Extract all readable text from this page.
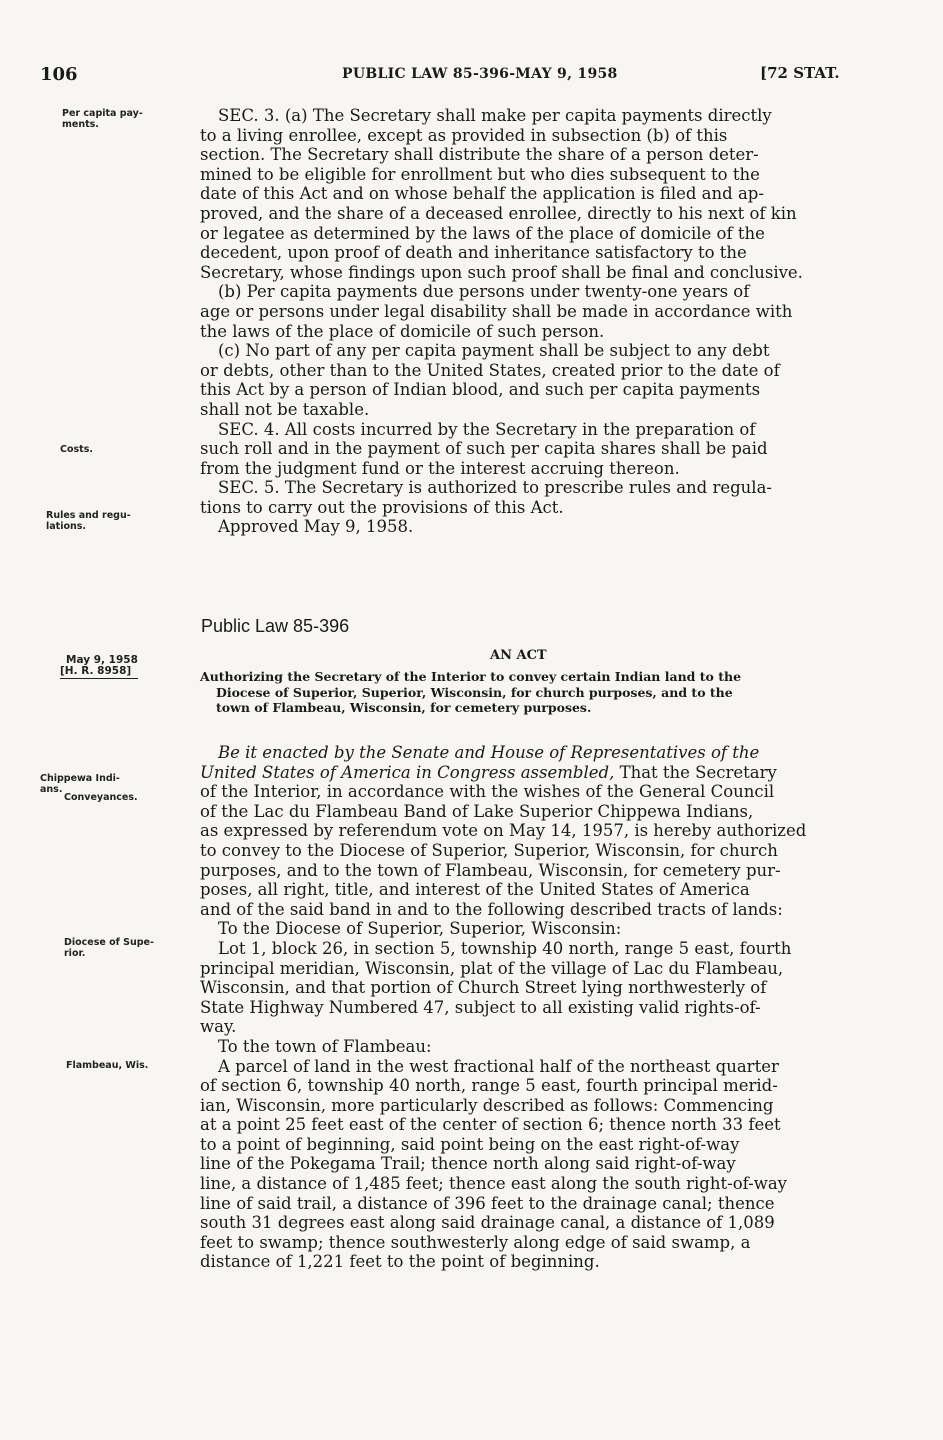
106	PUBLIC LAW 85-396-MAY 9, 1958	[72 STAT.
Per capita pay-
ments.
Costs.
Rules and regu-
lations.
May 9, 1958
[H. R. 8958]
Chippewa Indi-
ans.
Conveyances.
Diocese of Supe-
rior.
Flambeau, Wis.
SEC. 3. (a) The Secretary shall make per capita payments directly
to a living enrollee, except as provided in subsection (b) of this
section. The Secretary shall distribute the share of a person deter-
mined to be eligible for enrollment but who dies subsequent to the
date of this Act and on whose behalf the application is filed and ap-
proved, and the share of a deceased enrollee, directly to his next of kin
or legatee as determined by the laws of the place of domicile of the
decedent, upon proof of death and inheritance satisfactory to the
Secretary, whose findings upon such proof shall be final and conclusive.
(b) Per capita payments due persons under twenty-one years of
age or persons under legal disability shall be made in accordance with
the laws of the place of domicile of such person.
(c) No part of any per capita payment shall be subject to any debt
or debts, other than to the United States, created prior to the date of
this Act by a person of Indian blood, and such per capita payments
shall not be taxable.
SEC. 4. All costs incurred by the Secretary in the preparation of
such roll and in the payment of such per capita shares shall be paid
from the judgment fund or the interest accruing thereon.
SEC. 5. The Secretary is authorized to prescribe rules and regula-
tions to carry out the provisions of this Act.
Approved May 9, 1958.
Public Law 85-396
AN ACT
Authorizing the Secretary of the Interior to convey certain Indian land to the
Diocese of Superior, Superior, Wisconsin, for church purposes, and to the
town of Flambeau, Wisconsin, for cemetery purposes.
Be it enacted by the Senate and House of Representatives of the
United States of America in Congress assembled, That the Secretary
of the Interior, in accordance with the wishes of the General Council
of the Lac du Flambeau Band of Lake Superior Chippewa Indians,
as expressed by referendum vote on May 14, 1957, is hereby authorized
to convey to the Diocese of Superior, Superior, Wisconsin, for church
purposes, and to the town of Flambeau, Wisconsin, for cemetery pur-
poses, all right, title, and interest of the United States of America
and of the said band in and to the following described tracts of lands:
To the Diocese of Superior, Superior, Wisconsin:
Lot 1, block 26, in section 5, township 40 north, range 5 east, fourth
principal meridian, Wisconsin, plat of the village of Lac du Flambeau,
Wisconsin, and that portion of Church Street lying northwesterly of
State Highway Numbered 47, subject to all existing valid rights-of-
way.
To the town of Flambeau:
A parcel of land in the west fractional half of the northeast quarter
of section 6, township 40 north, range 5 east, fourth principal merid-
ian, Wisconsin, more particularly described as follows: Commencing
at a point 25 feet east of the center of section 6; thence north 33 feet
to a point of beginning, said point being on the east right-of-way
line of the Pokegama Trail; thence north along said right-of-way
line, a distance of 1,485 feet; thence east along the south right-of-way
line of said trail, a distance of 396 feet to the drainage canal; thence
south 31 degrees east along said drainage canal, a distance of 1,089
feet to swamp; thence southwesterly along edge of said swamp, a
distance of 1,221 feet to the point of beginning.
